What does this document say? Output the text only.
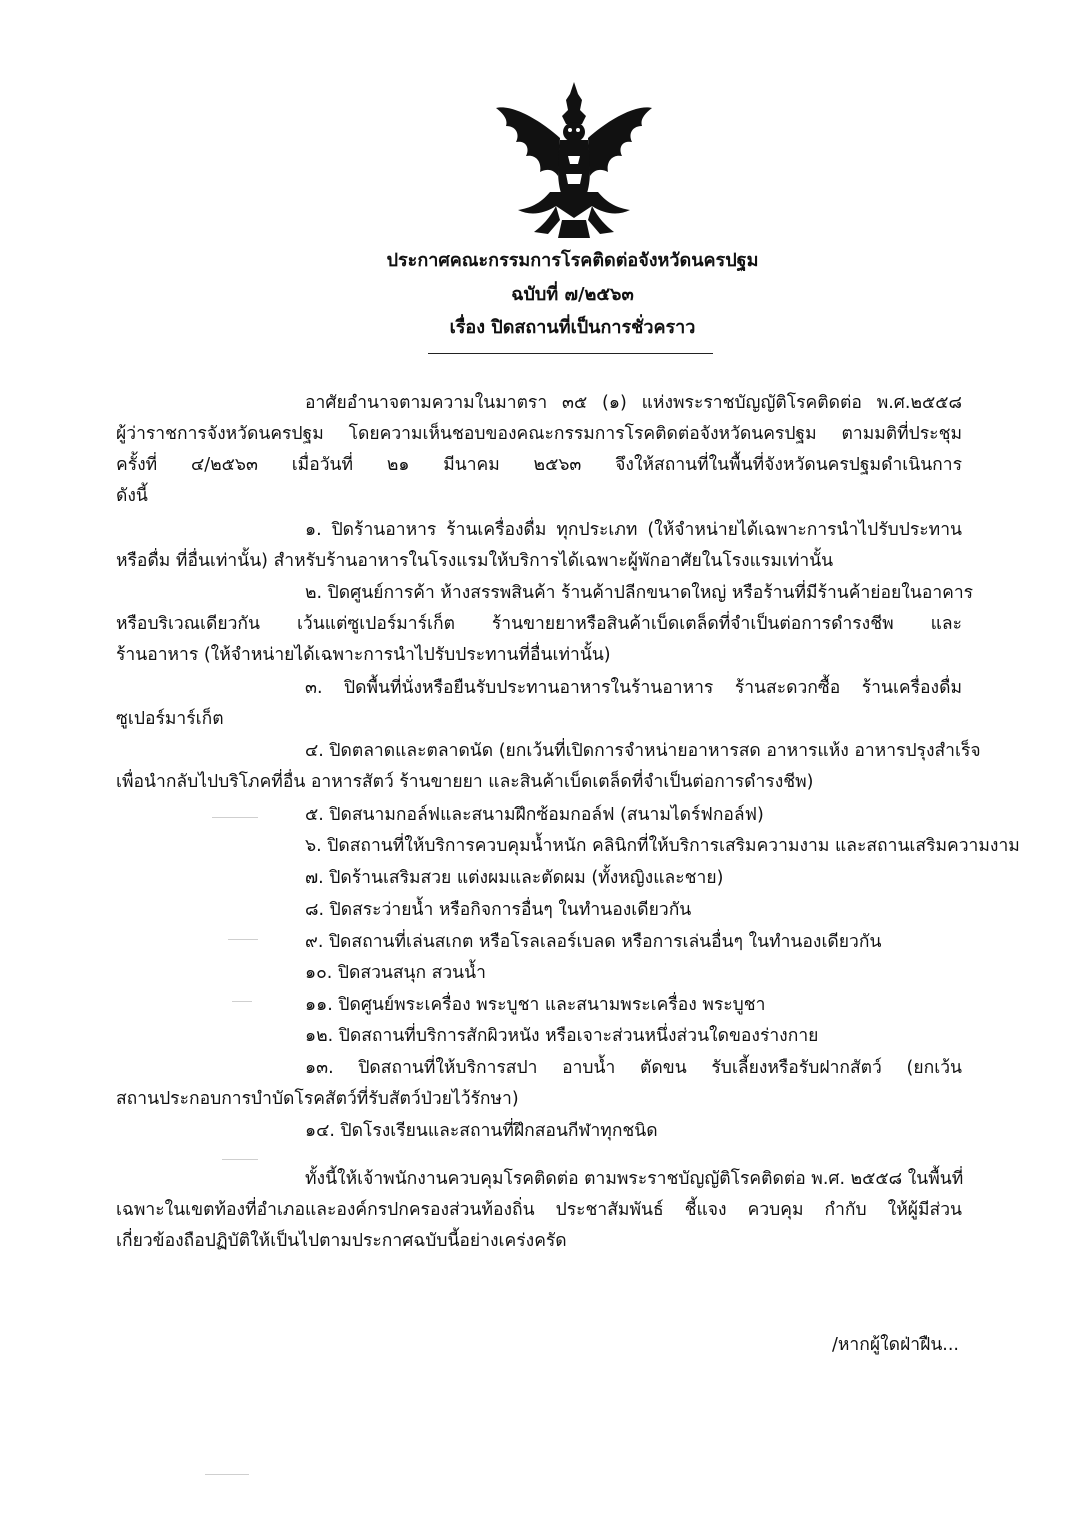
ประกาศคณะกรรมการโรคติดต่อจังหวัดนครปฐม
ฉบับที่ ๗/๒๕๖๓
เรื่อง ปิดสถานที่เป็นการชั่วคราว
อาศัยอำนาจตามความในมาตรา ๓๕ (๑) แห่งพระราชบัญญัติโรคติดต่อ พ.ศ.๒๕๕๘
ผู้ว่าราชการจังหวัดนครปฐม โดยความเห็นชอบของคณะกรรมการโรคติดต่อจังหวัดนครปฐม ตามมติที่ประชุม
ครั้งที่ ๔/๒๕๖๓ เมื่อวันที่ ๒๑ มีนาคม ๒๕๖๓ จึงให้สถานที่ในพื้นที่จังหวัดนครปฐมดำเนินการ
ดังนี้
๑. ปิดร้านอาหาร ร้านเครื่องดื่ม ทุกประเภท (ให้จำหน่ายได้เฉพาะการนำไปรับประทาน
หรือดื่ม ที่อื่นเท่านั้น) สำหรับร้านอาหารในโรงแรมให้บริการได้เฉพาะผู้พักอาศัยในโรงแรมเท่านั้น
๒. ปิดศูนย์การค้า ห้างสรรพสินค้า ร้านค้าปลีกขนาดใหญ่ หรือร้านที่มีร้านค้าย่อยในอาคาร
หรือบริเวณเดียวกัน เว้นแต่ซูเปอร์มาร์เก็ต ร้านขายยาหรือสินค้าเบ็ดเตล็ดที่จำเป็นต่อการดำรงชีพ และ
ร้านอาหาร (ให้จำหน่ายได้เฉพาะการนำไปรับประทานที่อื่นเท่านั้น)
๓. ปิดพื้นที่นั่งหรือยืนรับประทานอาหารในร้านอาหาร ร้านสะดวกซื้อ ร้านเครื่องดื่ม
ซูเปอร์มาร์เก็ต
๔. ปิดตลาดและตลาดนัด (ยกเว้นที่เปิดการจำหน่ายอาหารสด อาหารแห้ง อาหารปรุงสำเร็จ
เพื่อนำกลับไปบริโภคที่อื่น อาหารสัตว์ ร้านขายยา และสินค้าเบ็ดเตล็ดที่จำเป็นต่อการดำรงชีพ)
๕. ปิดสนามกอล์ฟและสนามฝึกซ้อมกอล์ฟ (สนามไดร์ฟกอล์ฟ)
๖. ปิดสถานที่ให้บริการควบคุมน้ำหนัก คลินิกที่ให้บริการเสริมความงาม และสถานเสริมความงาม
๗. ปิดร้านเสริมสวย แต่งผมและตัดผม (ทั้งหญิงและชาย)
๘. ปิดสระว่ายน้ำ หรือกิจการอื่นๆ ในทำนองเดียวกัน
๙. ปิดสถานที่เล่นสเกต หรือโรลเลอร์เบลด หรือการเล่นอื่นๆ ในทำนองเดียวกัน
๑๐. ปิดสวนสนุก สวนน้ำ
๑๑. ปิดศูนย์พระเครื่อง พระบูชา และสนามพระเครื่อง พระบูชา
๑๒. ปิดสถานที่บริการสักผิวหนัง หรือเจาะส่วนหนึ่งส่วนใดของร่างกาย
๑๓. ปิดสถานที่ให้บริการสปา อาบน้ำ ตัดขน รับเลี้ยงหรือรับฝากสัตว์ (ยกเว้น
สถานประกอบการบำบัดโรคสัตว์ที่รับสัตว์ป่วยไว้รักษา)
๑๔. ปิดโรงเรียนและสถานที่ฝึกสอนกีฬาทุกชนิด
ทั้งนี้ให้เจ้าพนักงานควบคุมโรคติดต่อ ตามพระราชบัญญัติโรคติดต่อ พ.ศ. ๒๕๕๘ ในพื้นที่
เฉพาะในเขตท้องที่อำเภอและองค์กรปกครองส่วนท้องถิ่น ประชาสัมพันธ์ ชี้แจง ควบคุม กำกับ ให้ผู้มีส่วน
เกี่ยวข้องถือปฏิบัติให้เป็นไปตามประกาศฉบับนี้อย่างเคร่งครัด
/หากผู้ใดฝ่าฝืน...
